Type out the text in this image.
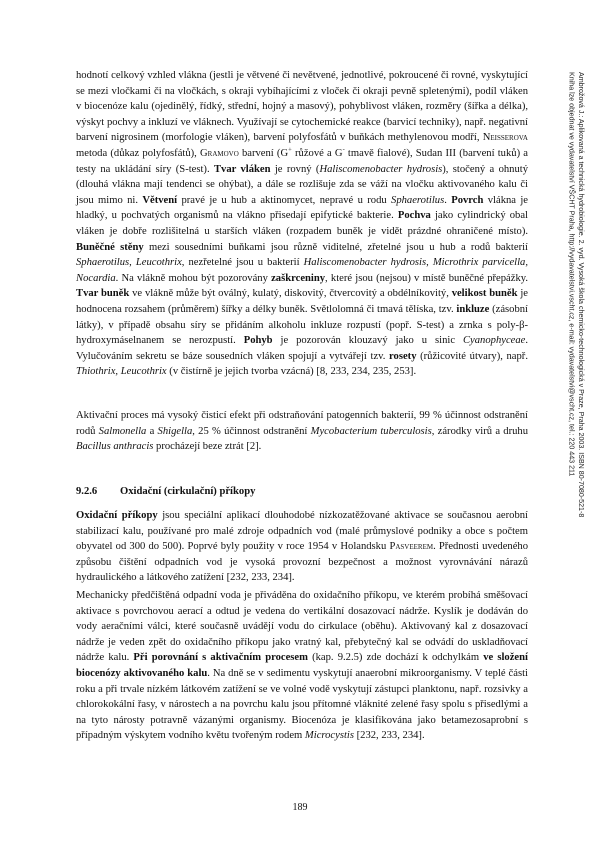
hodnotí celkový vzhled vlákna (jestli je větvené či nevětvené, jednotlivé, pokroucené či rovné, vyskytující se mezi vločkami či na vločkách, s okraji vybíhajícími z vloček či okraji pevně spletenými), podíl vláken v biocenóze kalu (ojedinělý, řídký, střední, hojný a masový), pohyblivost vláken, rozměry (šířka a délka), výskyt pochvy a inkluzí ve vláknech. Využívají se cytochemické reakce (barvicí techniky), např. negativní barvení nigrosinem (morfologie vláken), barvení polyfosfátů v buňkách methylenovou modří, Neisserova metoda (důkaz polyfosfátů), Gramovo barvení (G+ růžové a G- tmavě fialové), Sudan III (barvení tuků) a testy na ukládání síry (S-test). Tvar vláken je rovný (Haliscomenobacter hydrosis), stočený a ohnutý (dlouhá vlákna mají tendenci se ohýbat), a dále se rozlišuje zda se váží na vločku aktivovaného kalu či jsou mimo ni. Větvení pravé je u hub a aktinomycet, nepravé u rodu Sphaerotilus. Povrch vlákna je hladký, u pochvatých organismů na vlákno přisedají epifytické bakterie. Pochva jako cylindrický obal vláken je dobře rozlišitelná u starších vláken (rozpadem buněk je vidět prázdné ohraničené místo). Buněčné stěny mezi sousedními buňkami jsou různě viditelné, zřetelné jsou u hub a rodů bakterií Sphaerotilus, Leucothrix, nezřetelné jsou u bakterií Haliscomenobacter hydrosis, Microthrix parvicella, Nocardia. Na vlákně mohou být pozorovány zaškrceniny, které jsou (nejsou) v místě buněčné přepážky. Tvar buněk ve vlákně může být oválný, kulatý, diskovitý, čtvercovitý a obdélníkovitý, velikost buněk je hodnocena rozsahem (průměrem) šířky a délky buněk. Světlolomná či tmavá tělíska, tzv. inkluze (zásobní látky), v případě obsahu síry se přidáním alkoholu inkluze rozpustí (popř. S-test) a zrnka s poly-β-hydroxymáselnanem se nerozpustí. Pohyb je pozorován klouzavý jako u sinic Cyanophyceae. Vylučováním sekretu se báze sousedních vláken spojují a vytvářejí tzv. rosety (růžicovité útvary), např. Thiothrix, Leucothrix (v čistírně je jejich tvorba vzácná) [8, 233, 234, 235, 253].

Aktivační proces má vysoký čisticí efekt při odstraňování patogenních bakterií, 99 % účinnost odstranění rodů Salmonella a Shigella, 25 % účinnost odstranění Mycobacterium tuberculosis, zárodky virů a druhu Bacillus anthracis procházejí beze ztrát [2].

9.2.6 Oxidační (cirkulační) příkopy

Oxidační příkopy jsou speciální aplikací dlouhodobé nízkozatěžované aktivace se současnou aerobní stabilizací kalu, používané pro malé zdroje odpadních vod (malé průmyslové podniky a obce s počtem obyvatel od 300 do 500). Poprvé byly použity v roce 1954 v Holandsku Pasveerem. Přednosti uvedeného způsobu čištění odpadních vod je vysoká provozní bezpečnost a možnost vyrovnávání nárazů hydraulického a látkového zatížení [232, 233, 234].

Mechanicky předčištěná odpadní voda je přiváděna do oxidačního příkopu, ve kterém probíhá směšovací aktivace s povrchovou aerací a odtud je vedena do vertikální dosazovací nádrže. Kyslík je dodáván do vody aeračními válci, které současně uvádějí vodu do cirkulace (oběhu). Aktivovaný kal z dosazovací nádrže je veden zpět do oxidačního příkopu jako vratný kal, přebytečný kal se odvádí do uskladňovací nádrže kalu. Při porovnání s aktivačním procesem (kap. 9.2.5) zde dochází k odchylkám ve složení biocenózy aktivovaného kalu. Na dně se v sedimentu vyskytují anaerobní mikroorganismy. V teplé části roku a při trvale nízkém látkovém zatížení se ve volné vodě vyskytují zástupci planktonu, např. rozsivky a chlorokokální řasy, v nárostech a na povrchu kalu jsou přítomné vláknité zelené řasy spolu s přisedlými a na tyto nárosty potravně vázanými organismy. Biocenóza je klasifikována jako betamezosaprobní s případným výskytem vodního květu tvořeným rodem Microcystis [232, 233, 234].

189
Ambrožová J.: Aplikovaná a technická hydrobiologie. 2. vyd. Vysoká škola chemicko-technologická v Praze, Praha 2003. ISBN 80-7080-521-8
Kniha lze objednat ve vydavatelství VŠCHT Praha, http://vydavatelstvi.vscht.cz, e-mail: vydavatelstvi@vscht.cz, tel.: 220 443 211
